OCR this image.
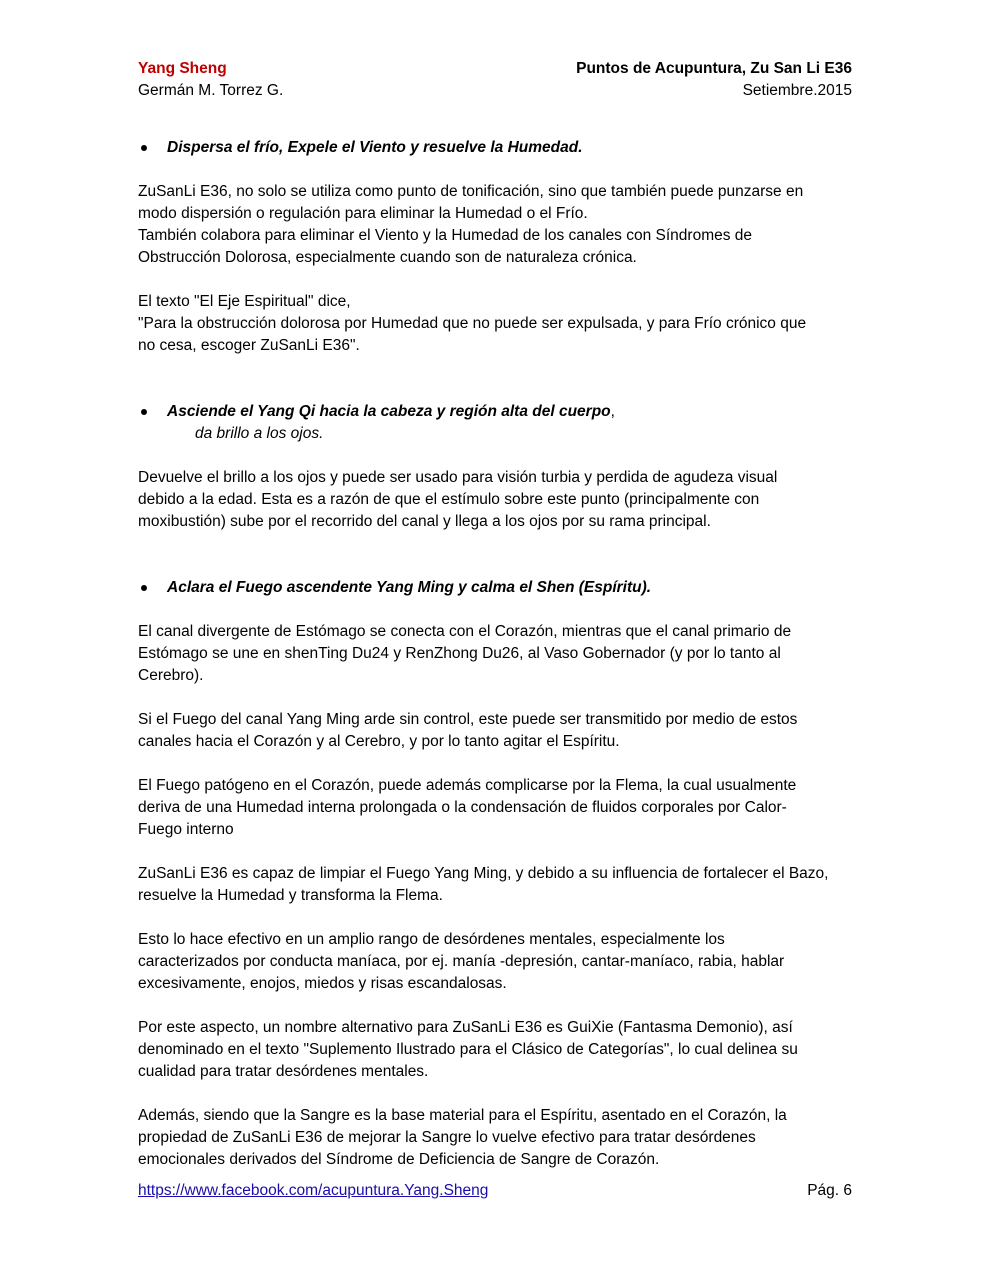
Yang Sheng
Germán M. Torrez G.
Puntos de Acupuntura, Zu San Li E36
Setiembre.2015
Dispersa el frío, Expele el Viento y resuelve la Humedad.

ZuSanLi E36, no solo se utiliza como punto de tonificación, sino que también puede punzarse en
modo dispersión o regulación para eliminar la Humedad o el Frío.
También colabora para eliminar el Viento y la Humedad de los canales con Síndromes de
Obstrucción Dolorosa, especialmente cuando son de naturaleza crónica.

El texto "El Eje Espiritual" dice,
"Para la obstrucción dolorosa por Humedad que no puede ser expulsada, y para Frío crónico que
no cesa, escoger ZuSanLi E36".

Asciende el Yang Qi hacia la cabeza y región alta del cuerpo,
da brillo a los ojos.

Devuelve el brillo a los ojos y puede ser usado para visión turbia y perdida de agudeza visual
debido a la edad. Esta es a razón de que el estímulo sobre este punto (principalmente con
moxibustión) sube por el recorrido del canal y llega a los ojos por su rama principal.

Aclara el Fuego ascendente Yang Ming y calma el Shen (Espíritu).

El canal divergente de Estómago se conecta con el Corazón, mientras que el canal primario de
Estómago se une en shenTing Du24 y RenZhong Du26, al Vaso Gobernador (y por lo tanto al
Cerebro).

Si el Fuego del canal Yang Ming arde sin control, este puede ser transmitido por medio de estos
canales hacia el Corazón y al Cerebro, y por lo tanto agitar el Espíritu.

El Fuego patógeno en el Corazón, puede además complicarse por la Flema, la cual usualmente
deriva de una Humedad interna prolongada o la condensación de fluidos corporales por Calor-
Fuego interno

ZuSanLi E36 es capaz de limpiar el Fuego Yang Ming, y debido a su influencia de fortalecer el Bazo,
resuelve la Humedad y transforma la Flema.

Esto lo hace efectivo en un amplio rango de desórdenes mentales, especialmente los
caracterizados por conducta maníaca, por ej. manía -depresión, cantar-maníaco, rabia, hablar
excesivamente, enojos, miedos y risas escandalosas.

Por este aspecto, un nombre alternativo para ZuSanLi E36 es GuiXie (Fantasma Demonio), así
denominado en el texto "Suplemento Ilustrado para el Clásico de Categorías", lo cual delinea su
cualidad para tratar desórdenes mentales.

Además, siendo que la Sangre es la base material para el Espíritu, asentado en el Corazón, la
propiedad de ZuSanLi E36 de mejorar la Sangre lo vuelve efectivo para tratar desórdenes
emocionales derivados del Síndrome de Deficiencia de Sangre de Corazón.

https://www.facebook.com/acupuntura.Yang.Sheng	Pág. 6
